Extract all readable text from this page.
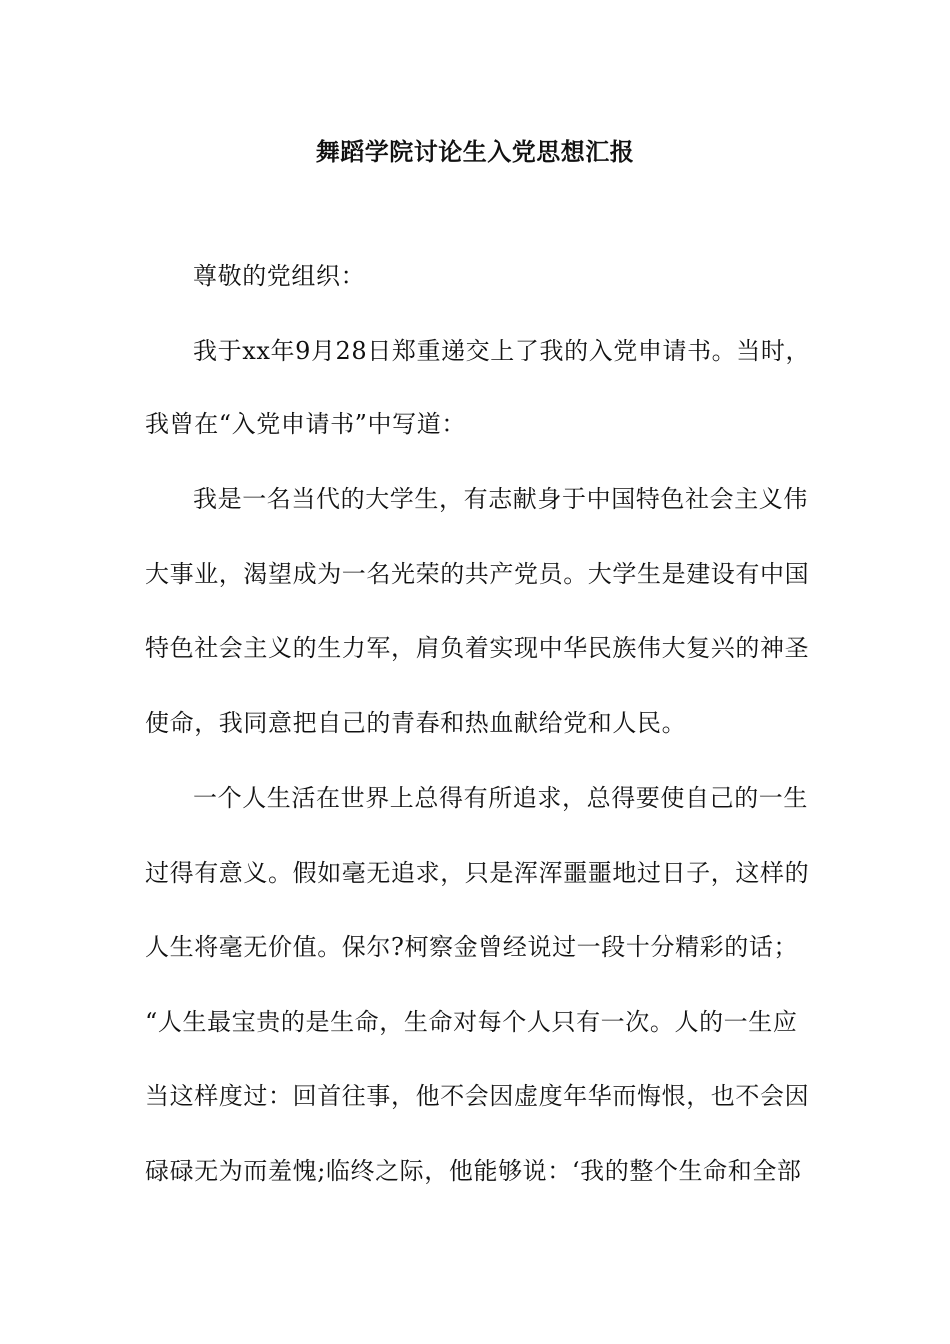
舞蹈学院讨论生入党思想汇报
尊敬的党组织：
我于xx年9月28日郑重递交上了我的入党申请书。当时，
我曾在“入党申请书”中写道：
我是一名当代的大学生，有志献身于中国特色社会主义伟
大事业，渴望成为一名光荣的共产党员。大学生是建设有中国
特色社会主义的生力军，肩负着实现中华民族伟大复兴的神圣
使命，我同意把自己的青春和热血献给党和人民。
一个人生活在世界上总得有所追求，总得要使自己的一生
过得有意义。假如毫无追求，只是浑浑噩噩地过日子，这样的
人生将毫无价值。保尔?柯察金曾经说过一段十分精彩的话；
“人生最宝贵的是生命，生命对每个人只有一次。人的一生应
当这样度过：回首往事，他不会因虚度年华而悔恨，也不会因
碌碌无为而羞愧;临终之际，他能够说：‘我的整个生命和全部
